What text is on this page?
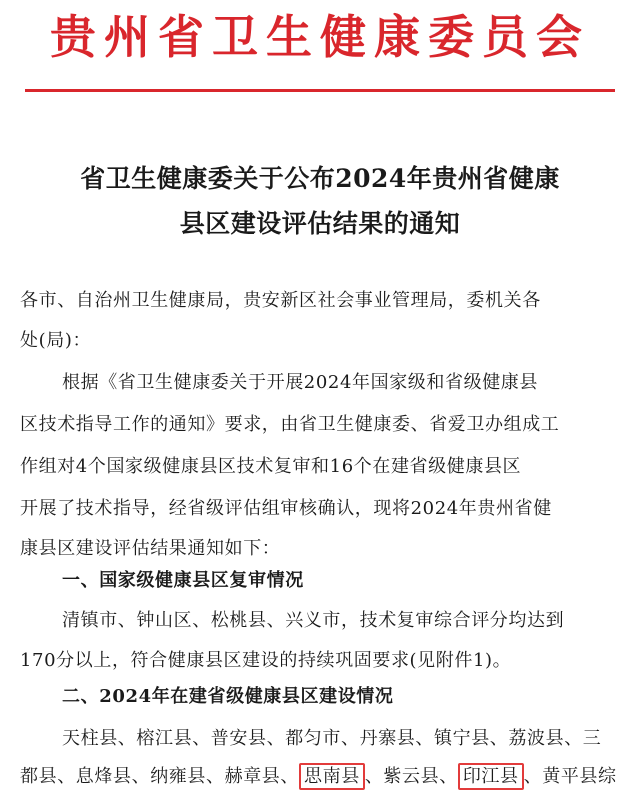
贵州省卫生健康委员会
省卫生健康委关于公布2024年贵州省健康
县区建设评估结果的通知
各市、自治州卫生健康局，贵安新区社会事业管理局，委机关各
处(局)：
根据《省卫生健康委关于开展2024年国家级和省级健康县
区技术指导工作的通知》要求，由省卫生健康委、省爱卫办组成工
作组对4个国家级健康县区技术复审和16个在建省级健康县区
开展了技术指导，经省级评估组审核确认，现将2024年贵州省健
康县区建设评估结果通知如下：
一、国家级健康县区复审情况
清镇市、钟山区、松桃县、兴义市，技术复审综合评分均达到
170分以上，符合健康县区建设的持续巩固要求(见附件1)。
二、2024年在建省级健康县区建设情况
天柱县、榕江县、普安县、都匀市、丹寨县、镇宁县、荔波县、三
都县、息烽县、纳雍县、赫章县、 思南县 、紫云县、 印江县 、黄平县综
